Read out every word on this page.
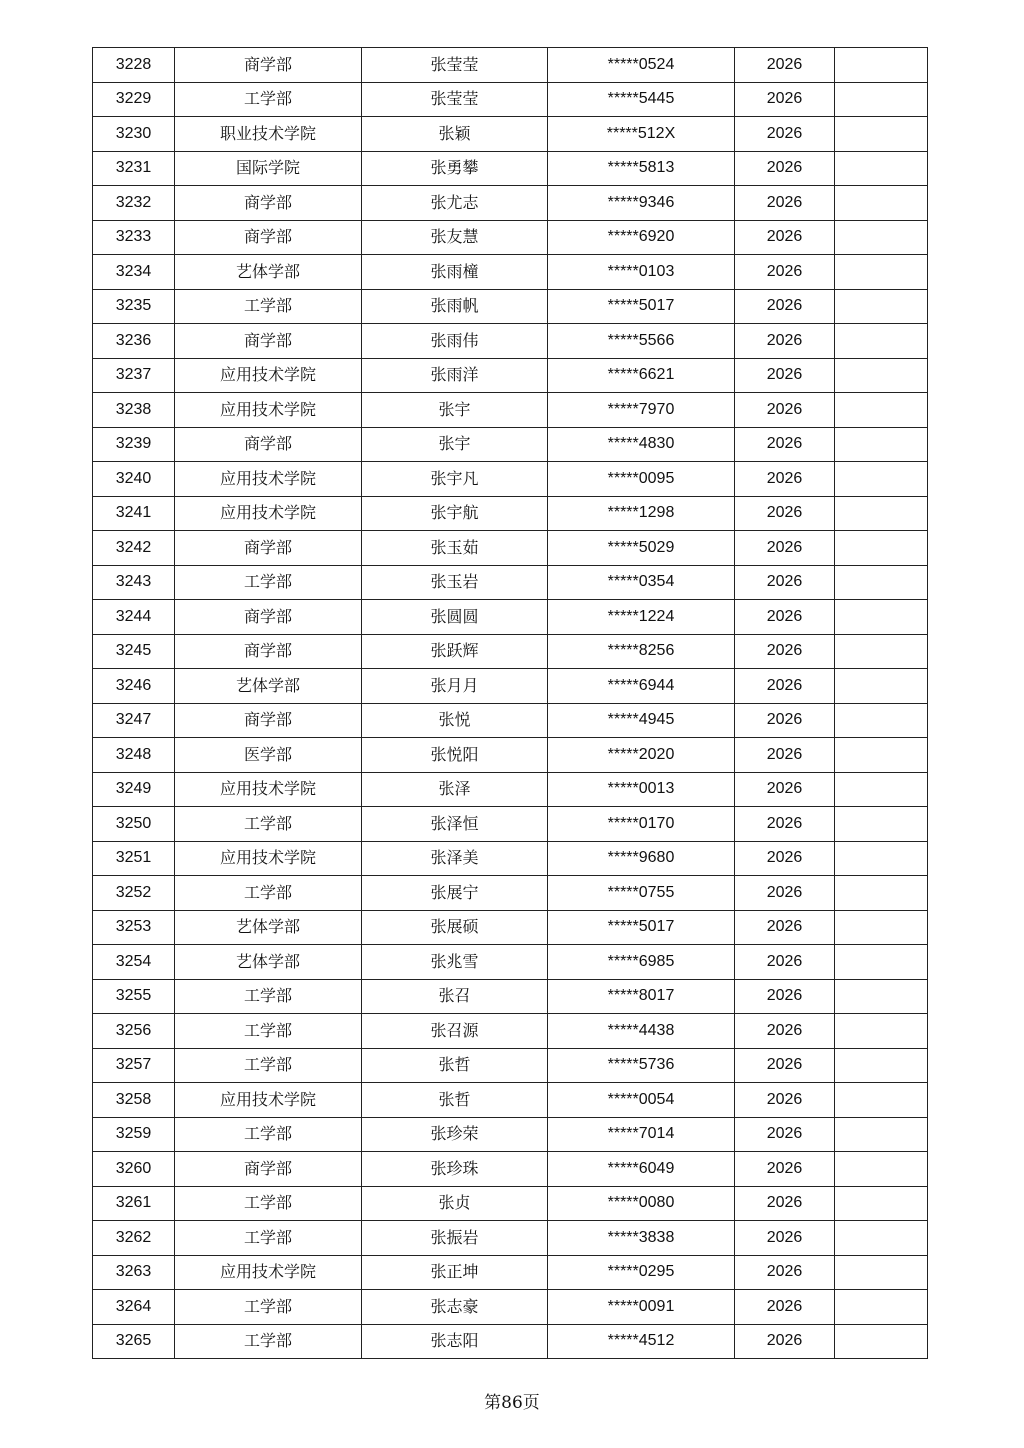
3228	商学部	张莹莹	*****0524	2026	
3229	工学部	张莹莹	*****5445	2026	
3230	职业技术学院	张颖	*****512X	2026	
3231	国际学院	张勇攀	*****5813	2026	
3232	商学部	张尤志	*****9346	2026	
3233	商学部	张友慧	*****6920	2026	
3234	艺体学部	张雨橦	*****0103	2026	
3235	工学部	张雨帆	*****5017	2026	
3236	商学部	张雨伟	*****5566	2026	
3237	应用技术学院	张雨洋	*****6621	2026	
3238	应用技术学院	张宇	*****7970	2026	
3239	商学部	张宇	*****4830	2026	
3240	应用技术学院	张宇凡	*****0095	2026	
3241	应用技术学院	张宇航	*****1298	2026	
3242	商学部	张玉茹	*****5029	2026	
3243	工学部	张玉岩	*****0354	2026	
3244	商学部	张圆圆	*****1224	2026	
3245	商学部	张跃辉	*****8256	2026	
3246	艺体学部	张月月	*****6944	2026	
3247	商学部	张悦	*****4945	2026	
3248	医学部	张悦阳	*****2020	2026	
3249	应用技术学院	张泽	*****0013	2026	
3250	工学部	张泽恒	*****0170	2026	
3251	应用技术学院	张泽美	*****9680	2026	
3252	工学部	张展宁	*****0755	2026	
3253	艺体学部	张展硕	*****5017	2026	
3254	艺体学部	张兆雪	*****6985	2026	
3255	工学部	张召	*****8017	2026	
3256	工学部	张召源	*****4438	2026	
3257	工学部	张哲	*****5736	2026	
3258	应用技术学院	张哲	*****0054	2026	
3259	工学部	张珍荣	*****7014	2026	
3260	商学部	张珍珠	*****6049	2026	
3261	工学部	张贞	*****0080	2026	
3262	工学部	张振岩	*****3838	2026	
3263	应用技术学院	张正坤	*****0295	2026	
3264	工学部	张志豪	*****0091	2026	
3265	工学部	张志阳	*****4512	2026	
第86页
